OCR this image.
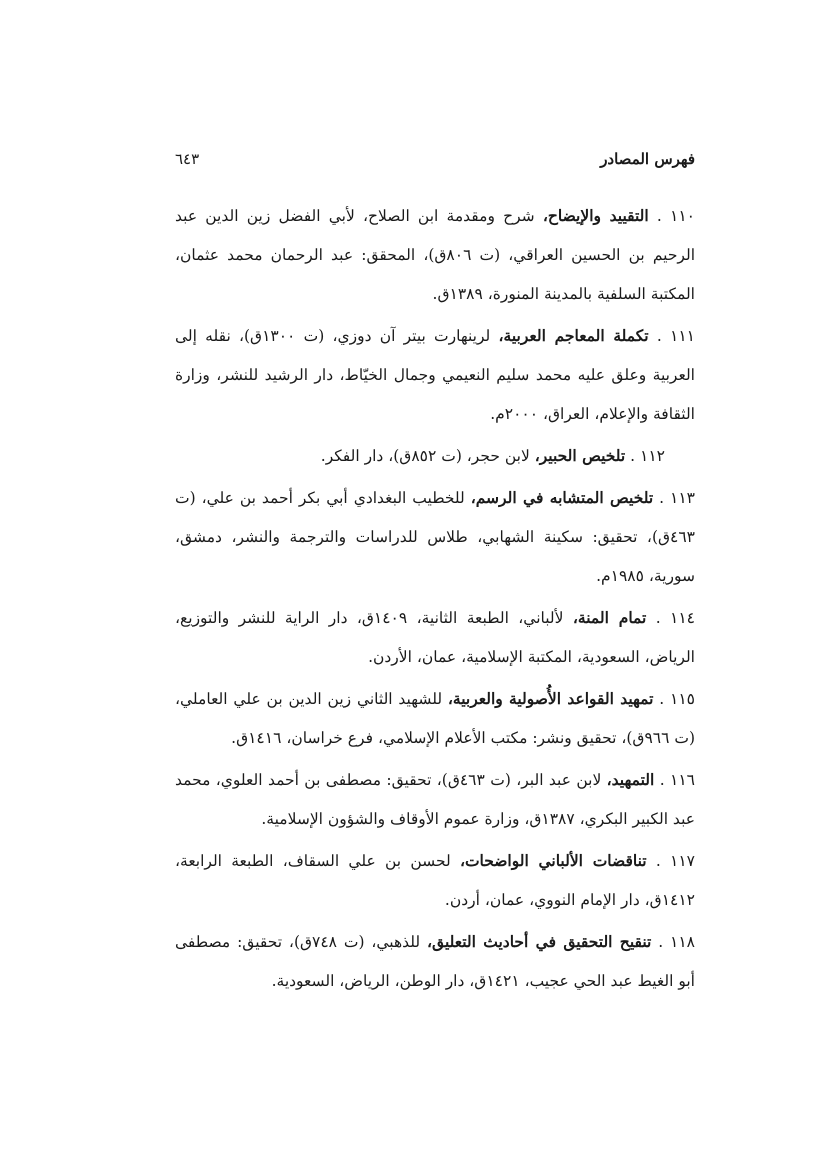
فهرس المصادر
٦٤٣

١١٠ . التقييد والإيضاح، شرح ومقدمة ابن الصلاح، لأبي الفضل زين الدين عبد الرحيم بن الحسين العراقي، (ت ٨٠٦ق)، المحقق: عبد الرحمان محمد عثمان، المكتبة السلفية بالمدينة المنورة، ١٣٨٩ق.

١١١ . تكملة المعاجم العربية، لرينهارت بيتر آن دوزي، (ت ١٣٠٠ق)، نقله إلى العربية وعلق عليه محمد سليم النعيمي وجمال الخيّاط، دار الرشيد للنشر، وزارة الثقافة والإعلام، العراق، ٢٠٠٠م.

١١٢ . تلخيص الحبير، لابن حجر، (ت ٨٥٢ق)، دار الفكر.

١١٣ . تلخيص المتشابه في الرسم، للخطيب البغدادي أبي بكر أحمد بن علي، (ت ٤٦٣ق)، تحقيق: سكينة الشهابي، طلاس للدراسات والترجمة والنشر، دمشق، سورية، ١٩٨٥م.

١١٤ . تمام المنة، لألباني، الطبعة الثانية، ١٤٠٩ق، دار الراية للنشر والتوزيع، الرياض، السعودية، المكتبة الإسلامية، عمان، الأردن.

١١٥ . تمهيد القواعد الأُصولية والعربية، للشهيد الثاني زين الدين بن علي العاملي، (ت ٩٦٦ق)، تحقيق ونشر: مكتب الأعلام الإسلامي، فرع خراسان، ١٤١٦ق.

١١٦ . التمهيد، لابن عبد البر، (ت ٤٦٣ق)، تحقيق: مصطفى بن أحمد العلوي، محمد عبد الكبير البكري، ١٣٨٧ق، وزارة عموم الأوقاف والشؤون الإسلامية.

١١٧ . تناقضات الألباني الواضحات، لحسن بن علي السقاف، الطبعة الرابعة، ١٤١٢ق، دار الإمام النووي، عمان، أردن.

١١٨ . تنقيح التحقيق في أحاديث التعليق، للذهبي، (ت ٧٤٨ق)، تحقيق: مصطفى أبو الغيط عبد الحي عجيب، ١٤٢١ق، دار الوطن، الرياض، السعودية.
